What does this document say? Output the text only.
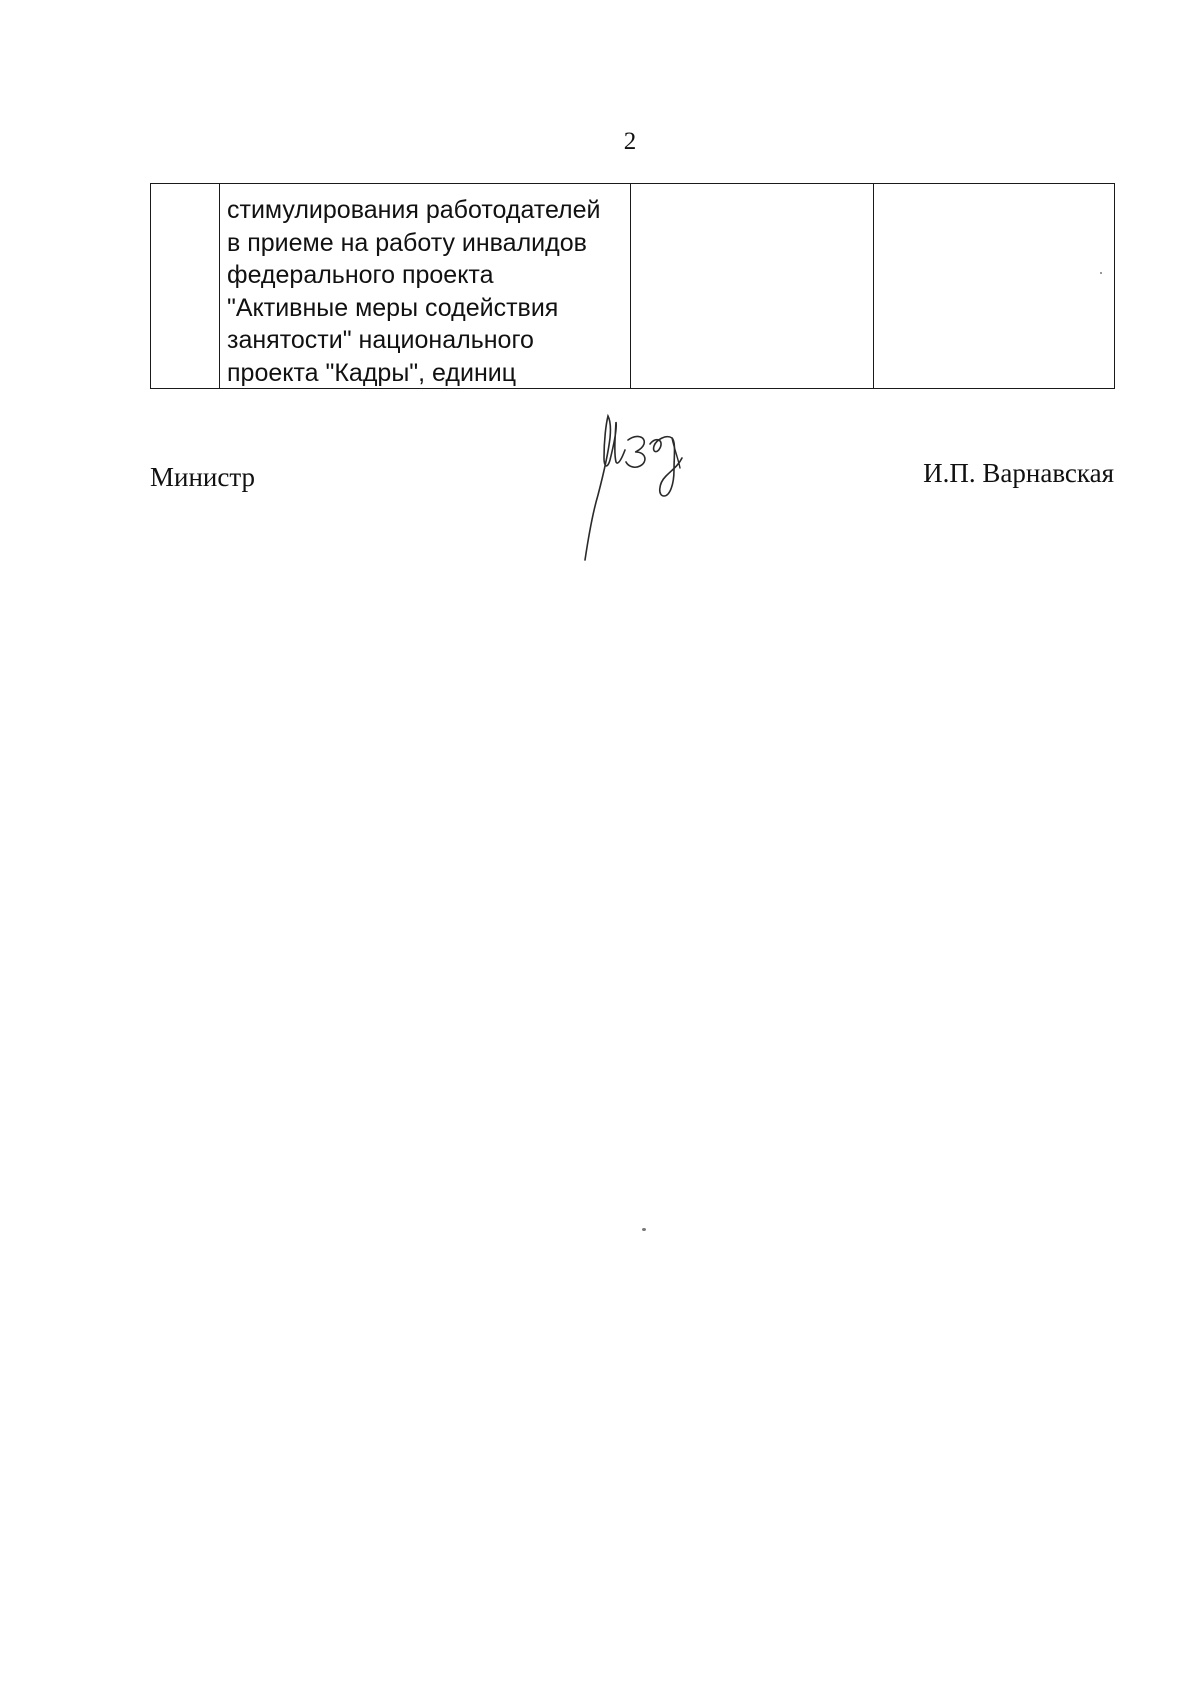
2

стимулирования работодателей
в приеме на работу инвалидов
федерального проекта
"Активные меры содействия
занятости" национального
проекта "Кадры", единиц

Министр	И.П. Варнавская
